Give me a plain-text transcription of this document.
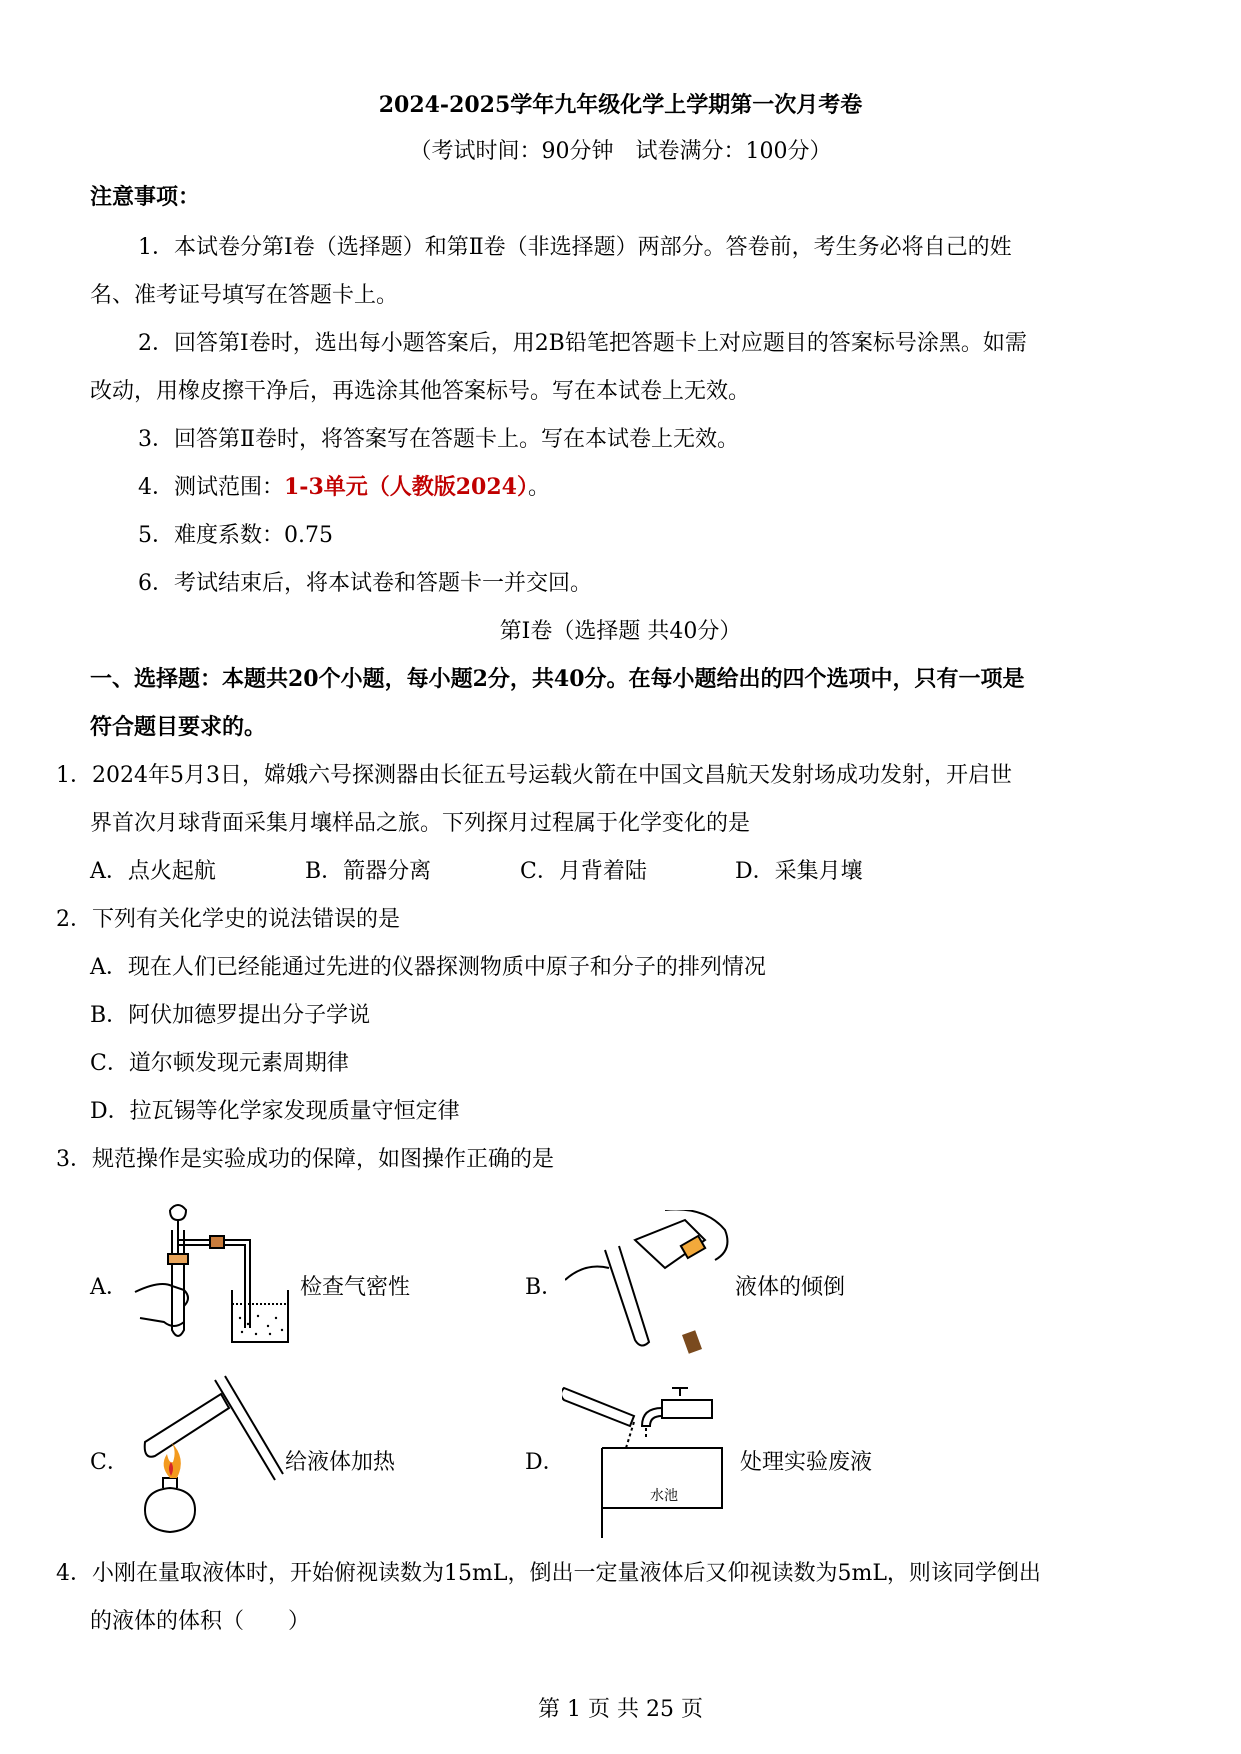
2024-2025学年九年级化学上学期第一次月考卷
（考试时间：90分钟　试卷满分：100分）
注意事项：
1．本试卷分第Ⅰ卷（选择题）和第Ⅱ卷（非选择题）两部分。答卷前，考生务必将自己的姓
名、准考证号填写在答题卡上。
2．回答第Ⅰ卷时，选出每小题答案后，用2B铅笔把答题卡上对应题目的答案标号涂黑。如需
改动，用橡皮擦干净后，再选涂其他答案标号。写在本试卷上无效。
3．回答第Ⅱ卷时，将答案写在答题卡上。写在本试卷上无效。
4．测试范围：1-3单元（人教版2024）。
5．难度系数：0.75
6．考试结束后，将本试卷和答题卡一并交回。
第Ⅰ卷（选择题 共40分）
一、选择题：本题共20个小题，每小题2分，共40分。在每小题给出的四个选项中，只有一项是
符合题目要求的。
1．2024年5月3日，嫦娥六号探测器由长征五号运载火箭在中国文昌航天发射场成功发射，开启世
界首次月球背面采集月壤样品之旅。下列探月过程属于化学变化的是
A．点火起航	B．箭器分离	C．月背着陆	D．采集月壤
2．下列有关化学史的说法错误的是
A．现在人们已经能通过先进的仪器探测物质中原子和分子的排列情况
B．阿伏加德罗提出分子学说
C．道尔顿发现元素周期律
D．拉瓦锡等化学家发现质量守恒定律
3．规范操作是实验成功的保障，如图操作正确的是
A．	检查气密性	B．	液体的倾倒
C．	给液体加热	D．
水池
处理实验废液
4．小刚在量取液体时，开始俯视读数为15mL，倒出一定量液体后又仰视读数为5mL，则该同学倒出
的液体的体积（　　）
第 1 页 共 25 页
